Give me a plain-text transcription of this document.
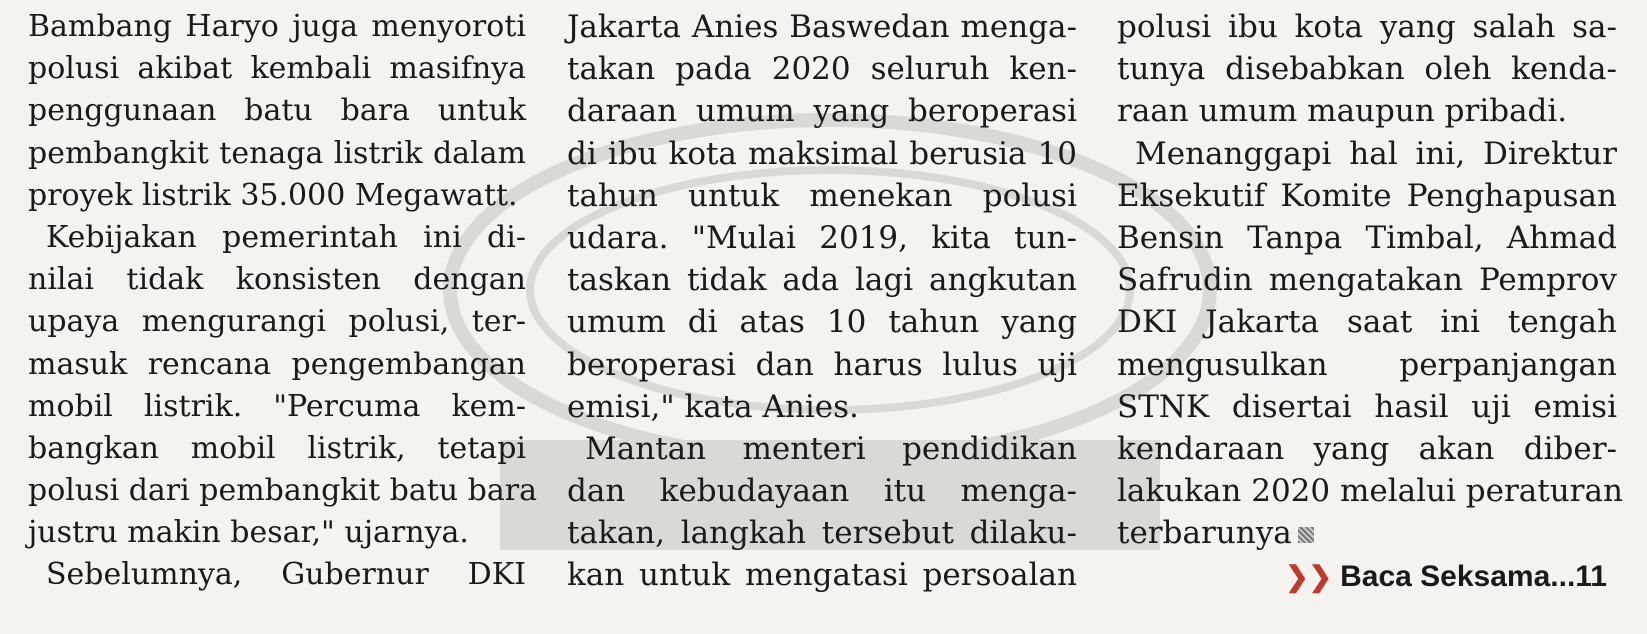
Bambang Haryo juga menyoroti
polusi akibat kembali masifnya
penggunaan batu bara untuk
pembangkit tenaga listrik dalam
proyek listrik 35.000 Megawatt.
Kebijakan pemerintah ini di-
nilai tidak konsisten dengan
upaya mengurangi polusi, ter-
masuk rencana pengembangan
mobil listrik. "Percuma kem-
bangkan mobil listrik, tetapi
polusi dari pembangkit batu bara
justru makin besar," ujarnya.
Sebelumnya, Gubernur DKI
Jakarta Anies Baswedan menga-
takan pada 2020 seluruh ken-
daraan umum yang beroperasi
di ibu kota maksimal berusia 10
tahun untuk menekan polusi
udara. "Mulai 2019, kita tun-
taskan tidak ada lagi angkutan
umum di atas 10 tahun yang
beroperasi dan harus lulus uji
emisi," kata Anies.
Mantan menteri pendidikan
dan kebudayaan itu menga-
takan, langkah tersebut dilaku-
kan untuk mengatasi persoalan
polusi ibu kota yang salah sa-
tunya disebabkan oleh kenda-
raan umum maupun pribadi.
Menanggapi hal ini, Direktur
Eksekutif Komite Penghapusan
Bensin Tanpa Timbal, Ahmad
Safrudin mengatakan Pemprov
DKI Jakarta saat ini tengah
mengusulkan perpanjangan
STNK disertai hasil uji emisi
kendaraan yang akan diber-
lakukan 2020 melalui peraturan
terbarunya
❯❯ Baca Seksama...11
